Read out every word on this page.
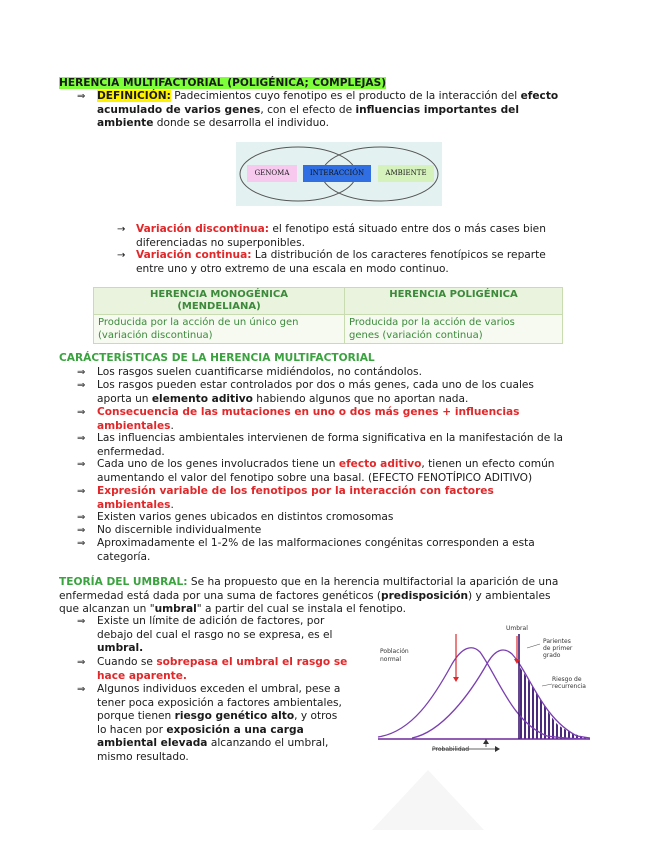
HERENCIA MULTIFACTORIAL (POLIGÉNICA; COMPLEJAS)
⇒ DEFINICIÓN: Padecimientos cuyo fenotipo es el producto de la interacción del efecto
acumulado de varios genes, con el efecto de influencias importantes del
ambiente donde se desarrolla el individuo.
GENOMA	INTERACCIÓN	AMBIENTE
→ Variación discontinua: el fenotipo está situado entre dos o más cases bien
diferenciadas no superponibles.
→ Variación continua: La distribución de los caracteres fenotípicos se reparte
entre uno y otro extremo de una escala en modo continuo.
HERENCIA MONOGÉNICA
(MENDELIANA)	HERENCIA POLIGÉNICA
Producida por la acción de un único gen
(variación discontinua)	Producida por la acción de varios
genes (variación continua)
CARÁCTERÍSTICAS DE LA HERENCIA MULTIFACTORIAL
⇒ Los rasgos suelen cuantificarse midiéndolos, no contándolos.
⇒ Los rasgos pueden estar controlados por dos o más genes, cada uno de los cuales
aporta un elemento aditivo habiendo algunos que no aportan nada.
⇒ Consecuencia de las mutaciones en uno o dos más genes + influencias
ambientales.
⇒ Las influencias ambientales intervienen de forma significativa en la manifestación de la
enfermedad.
⇒ Cada uno de los genes involucrados tiene un efecto aditivo, tienen un efecto común
aumentando el valor del fenotipo sobre una basal. (EFECTO FENOTÍPICO ADITIVO)
⇒ Expresión variable de los fenotipos por la interacción con factores
ambientales.
⇒ Existen varios genes ubicados en distintos cromosomas
⇒ No discernible individualmente
⇒ Aproximadamente el 1-2% de las malformaciones congénitas corresponden a esta
categoría.
TEORÍA DEL UMBRAL: Se ha propuesto que en la herencia multifactorial la aparición de una
enfermedad está dada por una suma de factores genéticos (predisposición) y ambientales
que alcanzan un "umbral" a partir del cual se instala el fenotipo.
⇒ Existe un límite de adición de factores, por
debajo del cual el rasgo no se expresa, es el
umbral.
⇒ Cuando se sobrepasa el umbral el rasgo se
hace aparente.
⇒ Algunos individuos exceden el umbral, pese a
tener poca exposición a factores ambientales,
porque tienen riesgo genético alto, y otros
lo hacen por exposición a una carga
ambiental elevada alcanzando el umbral,
mismo resultado.
Umbral
Población
normal
Parientes
de primer
grado
Riesgo de
recurrencia
Probabilidad
